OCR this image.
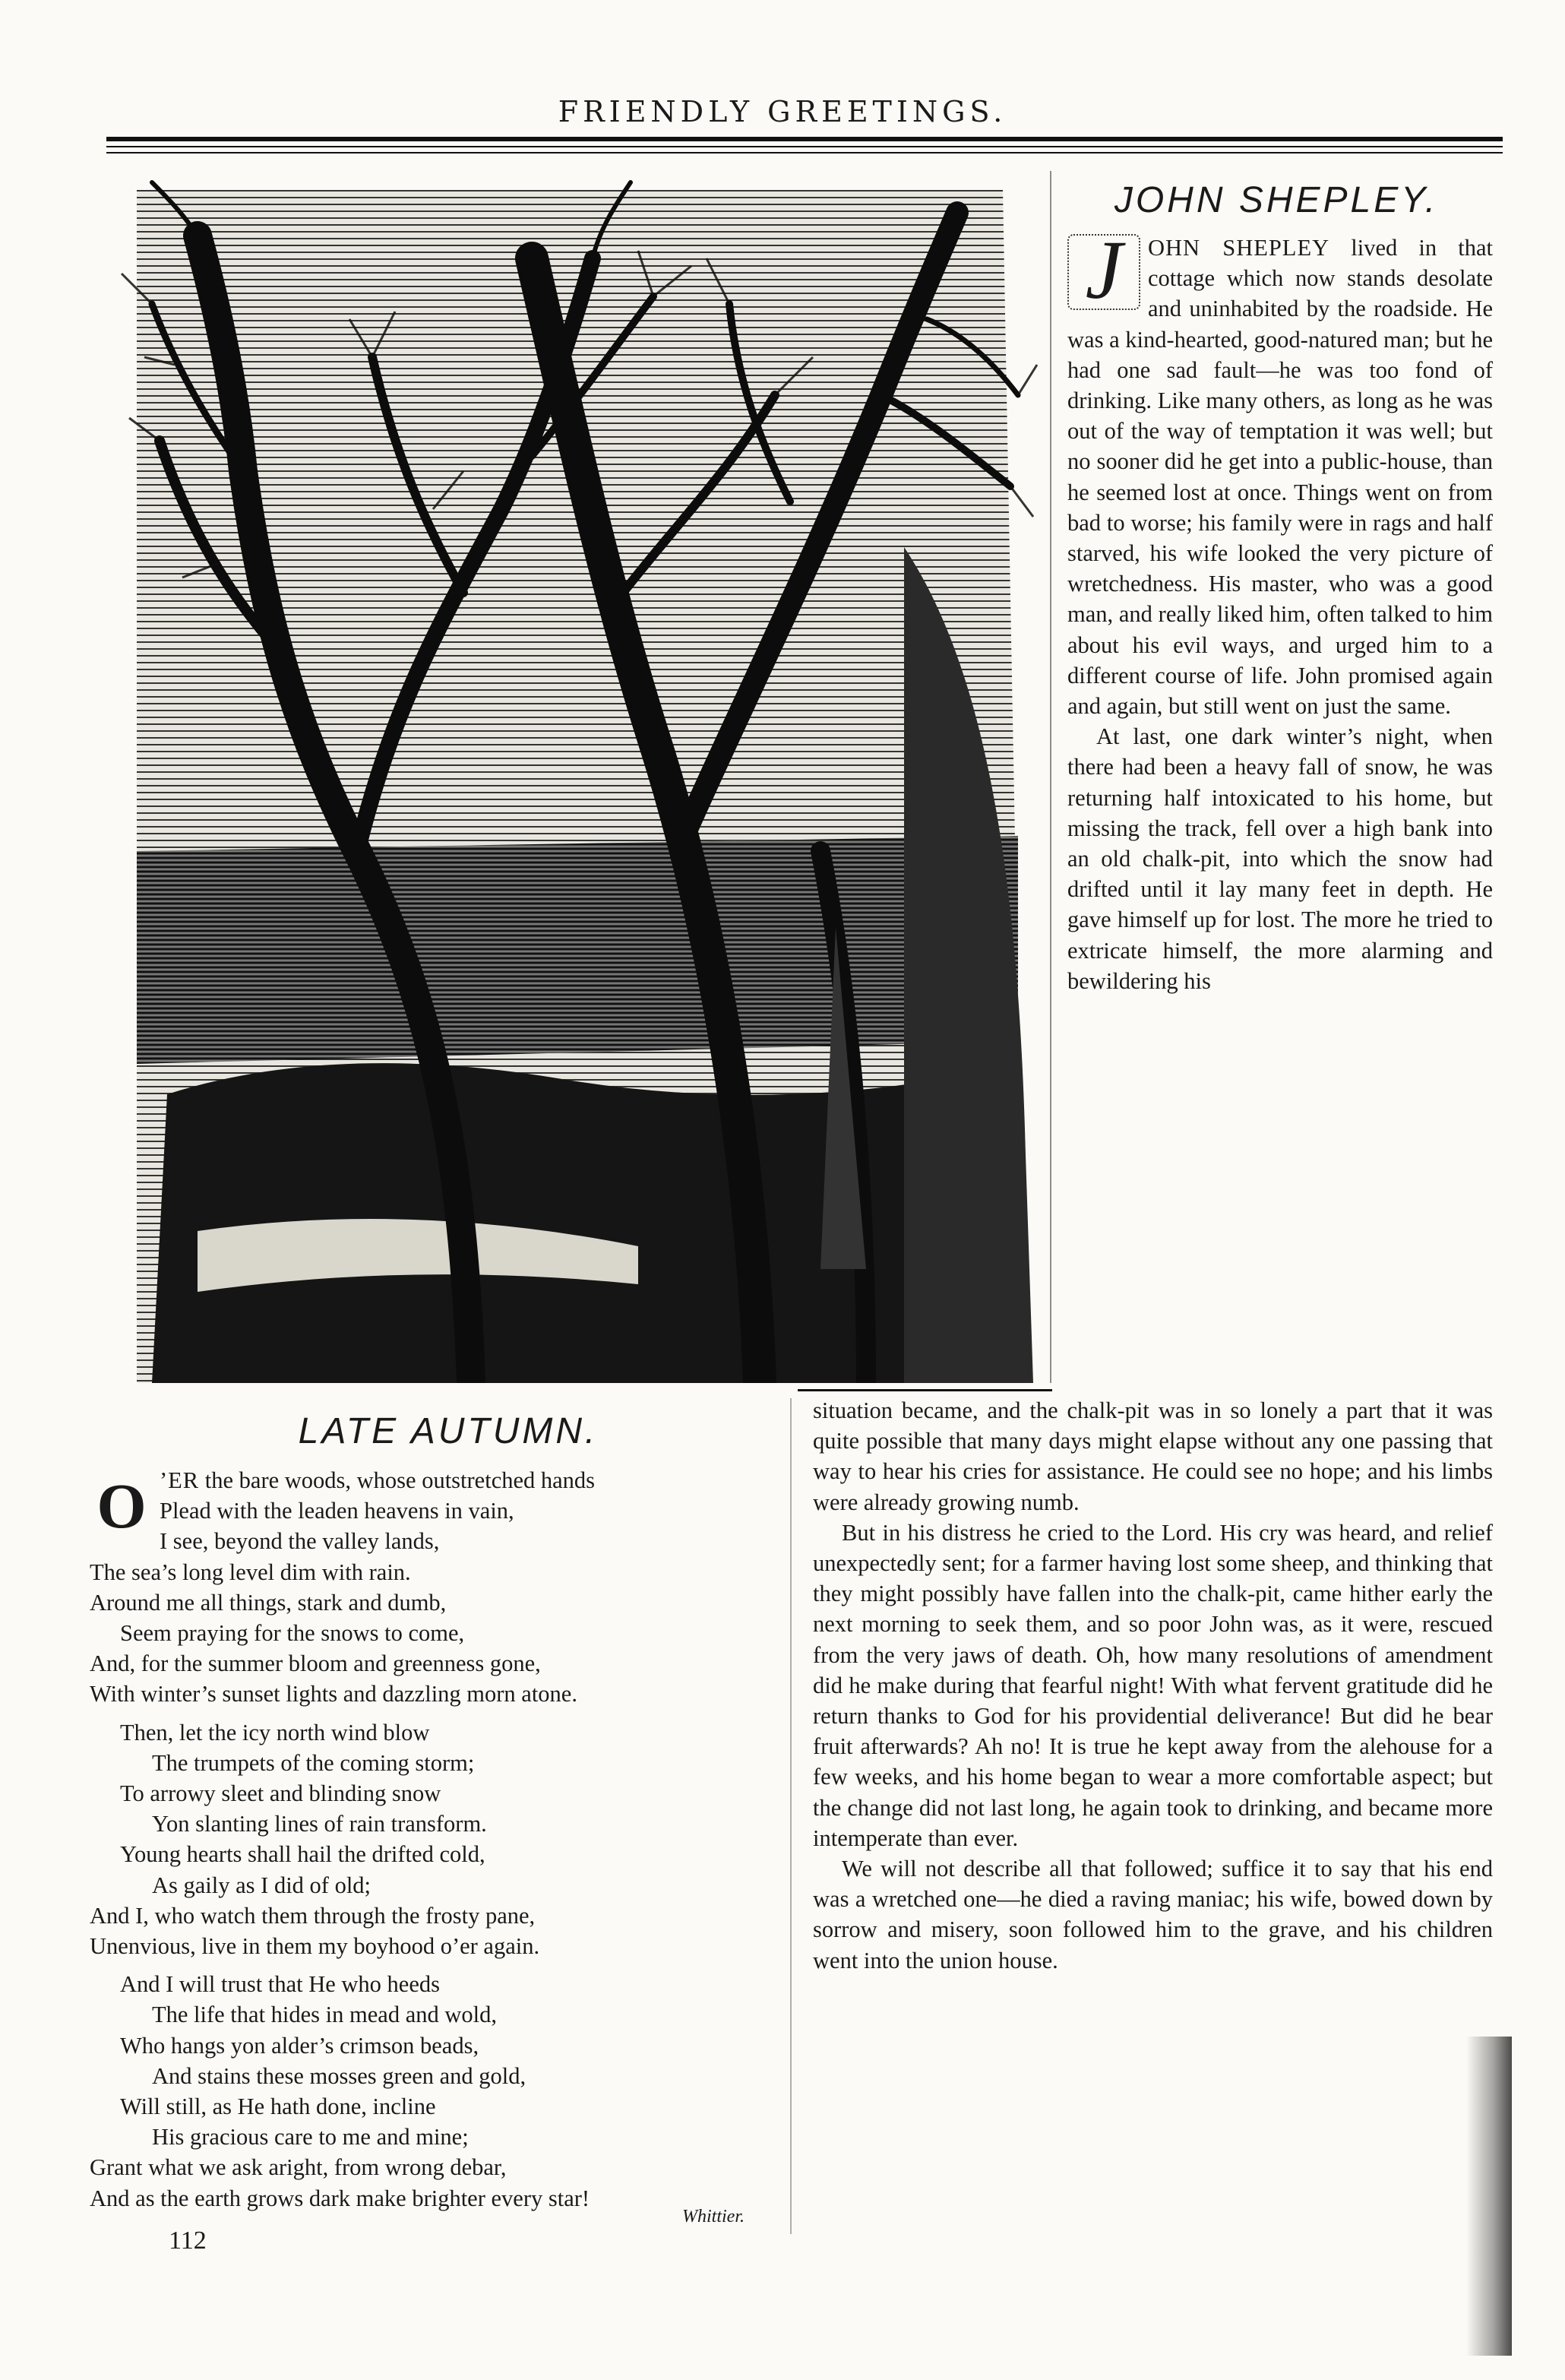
FRIENDLY GREETINGS.
JOHN SHEPLEY.

J	OHN SHEPLEY lived in that cottage which now stands desolate and uninhabited by the roadside. He was a kind-hearted, good-natured man; but he had one sad fault—he was too fond of drinking. Like many others, as long as he was out of the way of temptation it was well; but no sooner did he get into a public-house, than he seemed lost at once. Things went on from bad to worse; his family were in rags and half starved, his wife looked the very picture of wretchedness. His master, who was a good man, and really liked him, often talked to him about his evil ways, and urged him to a different course of life. John promised again and again, but still went on just the same.

At last, one dark winter’s night, when there had been a heavy fall of snow, he was returning half intoxicated to his home, but missing the track, fell over a high bank into an old chalk-pit, into which the snow had drifted until it lay many feet in depth. He gave himself up for lost. The more he tried to extricate himself, the more alarming and bewildering his

situation became, and the chalk-pit was in so lonely a part that it was quite possible that many days might elapse without any one passing that way to hear his cries for assistance. He could see no hope; and his limbs were already growing numb.

But in his distress he cried to the Lord. His cry was heard, and relief unexpectedly sent; for a farmer having lost some sheep, and thinking that they might possibly have fallen into the chalk-pit, came hither early the next morning to seek them, and so poor John was, as it were, rescued from the very jaws of death. Oh, how many resolutions of amendment did he make during that fearful night! With what fervent gratitude did he return thanks to God for his providential deliverance! But did he bear fruit afterwards? Ah no! It is true he kept away from the alehouse for a few weeks, and his home began to wear a more comfortable aspect; but the change did not last long, he again took to drinking, and became more intemperate than ever.

We will not describe all that followed; suffice it to say that his end was a wretched one—he died a raving maniac; his wife, bowed down by sorrow and misery, soon followed him to the grave, and his children went into the union house.

LATE AUTUMN.
O ’ER the bare woods, whose outstretched hands
Plead with the leaden heavens in vain,
I see, beyond the valley lands,
The sea’s long level dim with rain.
Around me all things, stark and dumb,
Seem praying for the snows to come,
And, for the summer bloom and greenness gone,
With winter’s sunset lights and dazzling morn atone.
Then, let the icy north wind blow
The trumpets of the coming storm;
To arrowy sleet and blinding snow
Yon slanting lines of rain transform.
Young hearts shall hail the drifted cold,
As gaily as I did of old;
And I, who watch them through the frosty pane,
Unenvious, live in them my boyhood o’er again.
And I will trust that He who heeds
The life that hides in mead and wold,
Who hangs yon alder’s crimson beads,
And stains these mosses green and gold,
Will still, as He hath done, incline
His gracious care to me and mine;
Grant what we ask aright, from wrong debar,
And as the earth grows dark make brighter every star!
Whittier.
112
